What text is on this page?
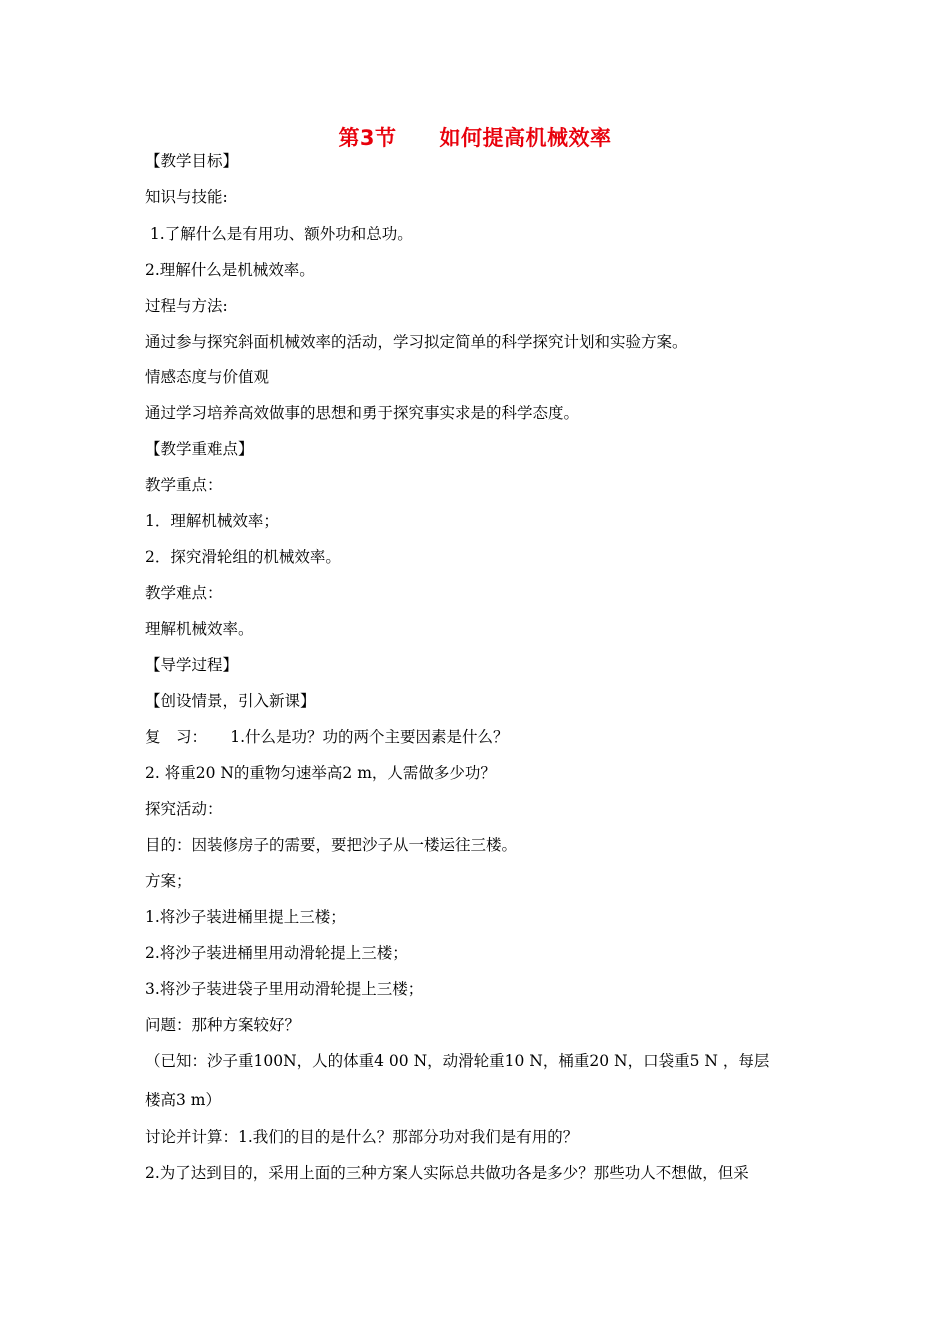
第3节　　如何提高机械效率
【教学目标】
知识与技能:
1.了解什么是有用功、额外功和总功。
2.理解什么是机械效率。
过程与方法:
通过参与探究斜面机械效率的活动，学习拟定简单的科学探究计划和实验方案。
情感态度与价值观
通过学习培养高效做事的思想和勇于探究事实求是的科学态度。
【教学重难点】
教学重点：
1．理解机械效率；
2．探究滑轮组的机械效率。
教学难点：
理解机械效率。
【导学过程】
【创设情景，引入新课】
复　习：　　1.什么是功？功的两个主要因素是什么？
2. 将重20 N的重物匀速举高2 m，人需做多少功？
探究活动：
目的：因装修房子的需要，要把沙子从一楼运往三楼。
方案；
1.将沙子装进桶里提上三楼；
2.将沙子装进桶里用动滑轮提上三楼；
3.将沙子装进袋子里用动滑轮提上三楼；
问题：那种方案较好？
（已知：沙子重100N，人的体重4 00 N，动滑轮重10 N，桶重20 N，口袋重5 N ，每层
楼高3 m）
讨论并计算：1.我们的目的是什么？那部分功对我们是有用的？
2.为了达到目的，采用上面的三种方案人实际总共做功各是多少？那些功人不想做，但采
